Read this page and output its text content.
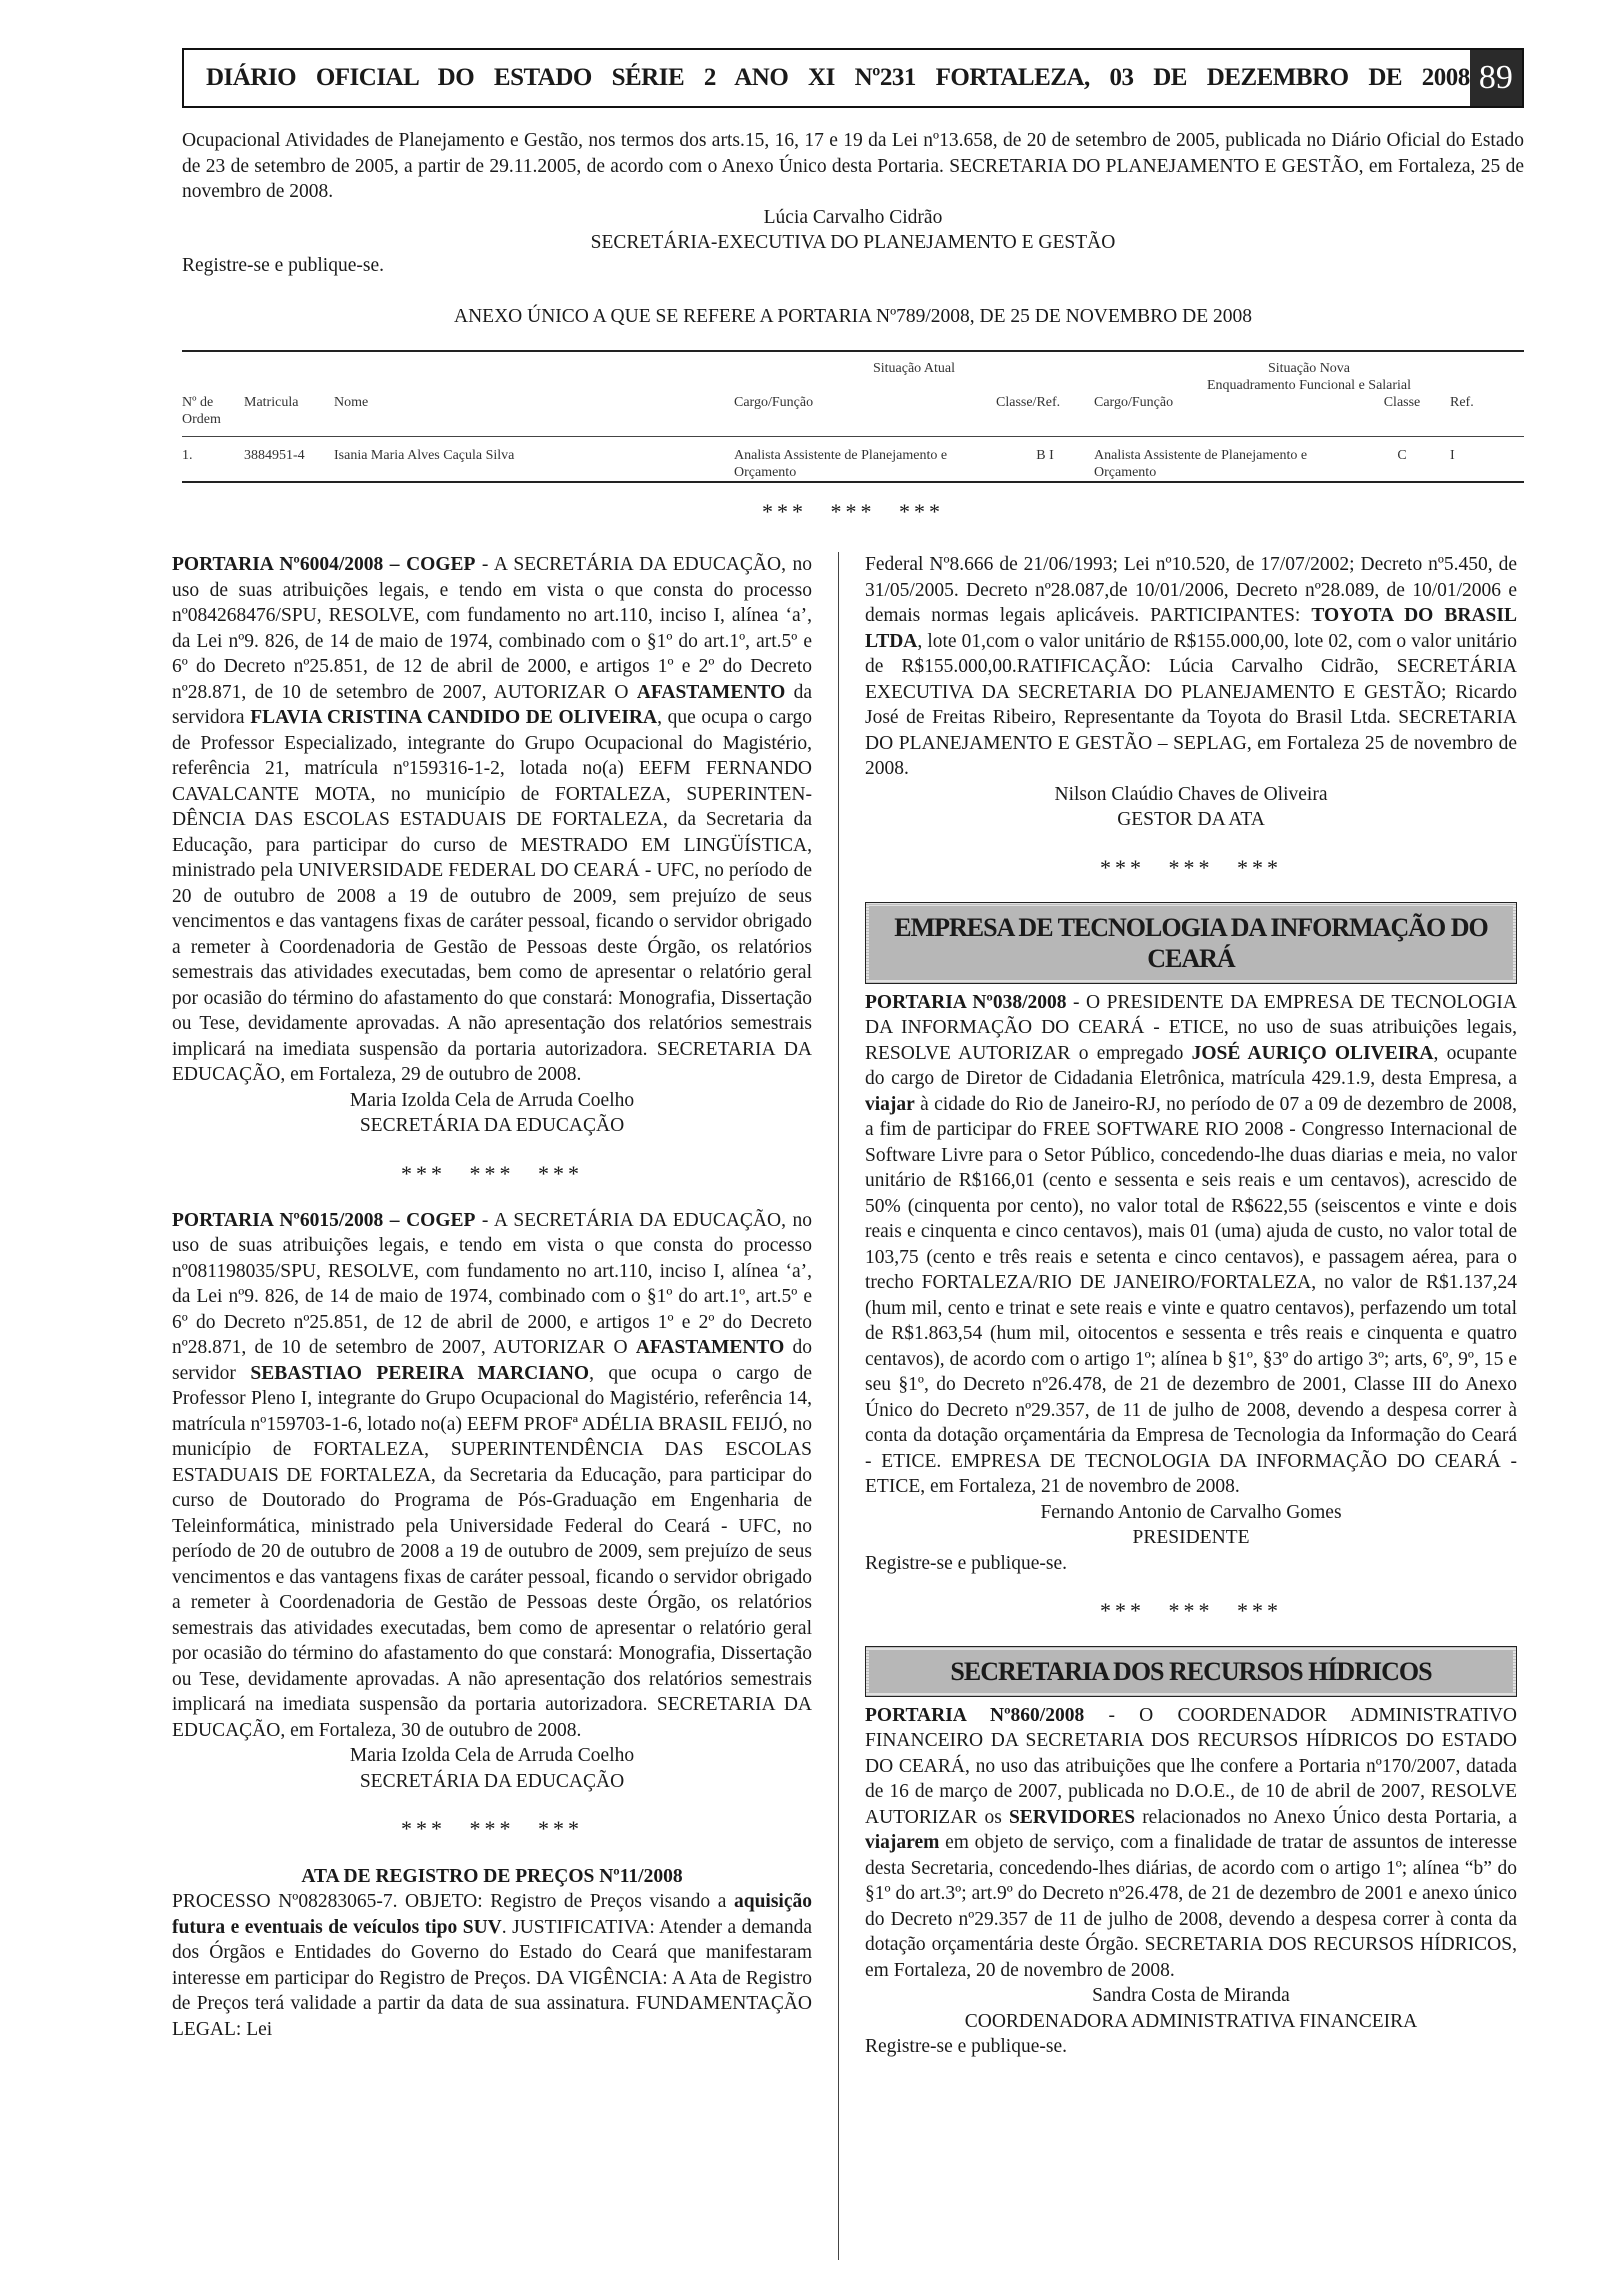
DIÁRIO OFICIAL DO ESTADO SÉRIE 2 ANO XI Nº231 FORTALEZA, 03 DE DEZEMBRO DE 2008 89

Ocupacional Atividades de Planejamento e Gestão, nos termos dos arts.15, 16, 17 e 19 da Lei nº13.658, de 20 de setembro de 2005, publicada no Diário Oficial do Estado de 23 de setembro de 2005, a partir de 29.11.2005, de acordo com o Anexo Único desta Portaria. SECRETARIA DO PLANEJAMENTO E GESTÃO, em Fortaleza, 25 de novembro de 2008.

Lúcia Carvalho Cidrão

SECRETÁRIA-EXECUTIVA DO PLANEJAMENTO E GESTÃO

Registre-se e publique-se.

ANEXO ÚNICO A QUE SE REFERE A PORTARIA Nº789/2008, DE 25 DE NOVEMBRO DE 2008

			Situação Atual		Situação Nova		
					Enquadramento Funcional e Salarial		
Nº de Ordem	Matricula	Nome	Cargo/Função	Classe/Ref.	Cargo/Função	Classe	Ref.

1.	3884951-4	Isania Maria Alves Caçula Silva	Analista Assistente de Planejamento e Orçamento	B I	Analista Assistente de Planejamento e Orçamento	C	I

*** *** ***

PORTARIA Nº6004/2008 – COGEP - A SECRETÁRIA DA EDUCAÇÃO, no uso de suas atribuições legais, e tendo em vista o que consta do processo nº084268476/SPU, RESOLVE, com fundamento no art.110, inciso I, alínea ‘a’, da Lei nº9. 826, de 14 de maio de 1974, combinado com o §1º do art.1º, art.5º e 6º do Decreto nº25.851, de 12 de abril de 2000, e artigos 1º e 2º do Decreto nº28.871, de 10 de setembro de 2007, AUTORIZAR O AFASTAMENTO da servidora FLAVIA CRISTINA CANDIDO DE OLIVEIRA, que ocupa o cargo de Professor Especializado, integrante do Grupo Ocupacional do Magistério, referência 21, matrícula nº159316-1-2, lotada no(a) EEFM FERNANDO CAVALCANTE MOTA, no município de FORTALEZA, SUPERINTEN-DÊNCIA DAS ESCOLAS ESTADUAIS DE FORTALEZA, da Secretaria da Educação, para participar do curso de MESTRADO EM LINGÜÍSTICA, ministrado pela UNIVERSIDADE FEDERAL DO CEARÁ - UFC, no período de 20 de outubro de 2008 a 19 de outubro de 2009, sem prejuízo de seus vencimentos e das vantagens fixas de caráter pessoal, ficando o servidor obrigado a remeter à Coordenadoria de Gestão de Pessoas deste Órgão, os relatórios semestrais das atividades executadas, bem como de apresentar o relatório geral por ocasião do término do afastamento do que constará: Monografia, Dissertação ou Tese, devidamente aprovadas. A não apresentação dos relatórios semestrais implicará na imediata suspensão da portaria autorizadora. SECRETARIA DA EDUCAÇÃO, em Fortaleza, 29 de outubro de 2008.

Maria Izolda Cela de Arruda Coelho

SECRETÁRIA DA EDUCAÇÃO

*** *** ***

PORTARIA Nº6015/2008 – COGEP - A SECRETÁRIA DA EDUCAÇÃO, no uso de suas atribuições legais, e tendo em vista o que consta do processo nº081198035/SPU, RESOLVE, com fundamento no art.110, inciso I, alínea ‘a’, da Lei nº9. 826, de 14 de maio de 1974, combinado com o §1º do art.1º, art.5º e 6º do Decreto nº25.851, de 12 de abril de 2000, e artigos 1º e 2º do Decreto nº28.871, de 10 de setembro de 2007, AUTORIZAR O AFASTAMENTO do servidor SEBASTIAO PEREIRA MARCIANO, que ocupa o cargo de Professor Pleno I, integrante do Grupo Ocupacional do Magistério, referência 14, matrícula nº159703-1-6, lotado no(a) EEFM PROFª ADÉLIA BRASIL FEIJÓ, no município de FORTALEZA, SUPERINTENDÊNCIA DAS ESCOLAS ESTADUAIS DE FORTALEZA, da Secretaria da Educação, para participar do curso de Doutorado do Programa de Pós-Graduação em Engenharia de Teleinformática, ministrado pela Universidade Federal do Ceará - UFC, no período de 20 de outubro de 2008 a 19 de outubro de 2009, sem prejuízo de seus vencimentos e das vantagens fixas de caráter pessoal, ficando o servidor obrigado a remeter à Coordenadoria de Gestão de Pessoas deste Órgão, os relatórios semestrais das atividades executadas, bem como de apresentar o relatório geral por ocasião do término do afastamento do que constará: Monografia, Dissertação ou Tese, devidamente aprovadas. A não apresentação dos relatórios semestrais implicará na imediata suspensão da portaria autorizadora. SECRETARIA DA EDUCAÇÃO, em Fortaleza, 30 de outubro de 2008.

Maria Izolda Cela de Arruda Coelho

SECRETÁRIA DA EDUCAÇÃO

*** *** ***

ATA DE REGISTRO DE PREÇOS Nº11/2008

PROCESSO Nº08283065-7. OBJETO: Registro de Preços visando a aquisição futura e eventuais de veículos tipo SUV. JUSTIFICATIVA: Atender a demanda dos Órgãos e Entidades do Governo do Estado do Ceará que manifestaram interesse em participar do Registro de Preços. DA VIGÊNCIA: A Ata de Registro de Preços terá validade a partir da data de sua assinatura. FUNDAMENTAÇÃO LEGAL: Lei

Federal Nº8.666 de 21/06/1993; Lei nº10.520, de 17/07/2002; Decreto nº5.450, de 31/05/2005. Decreto nº28.087,de 10/01/2006, Decreto nº28.089, de 10/01/2006 e demais normas legais aplicáveis. PARTICIPANTES: TOYOTA DO BRASIL LTDA, lote 01,com o valor unitário de R$155.000,00, lote 02, com o valor unitário de R$155.000,00.RATIFICAÇÃO: Lúcia Carvalho Cidrão, SECRETÁRIA EXECUTIVA DA SECRETARIA DO PLANEJAMENTO E GESTÃO; Ricardo José de Freitas Ribeiro, Representante da Toyota do Brasil Ltda. SECRETARIA DO PLANEJAMENTO E GESTÃO – SEPLAG, em Fortaleza 25 de novembro de 2008.

Nilson Claúdio Chaves de Oliveira

GESTOR DA ATA

*** *** ***

EMPRESA DE TECNOLOGIA DA INFORMAÇÃO DO CEARÁ

PORTARIA Nº038/2008 - O PRESIDENTE DA EMPRESA DE TECNOLOGIA DA INFORMAÇÃO DO CEARÁ - ETICE, no uso de suas atribuições legais, RESOLVE AUTORIZAR o empregado JOSÉ AURIÇO OLIVEIRA, ocupante do cargo de Diretor de Cidadania Eletrônica, matrícula 429.1.9, desta Empresa, a viajar à cidade do Rio de Janeiro-RJ, no período de 07 a 09 de dezembro de 2008, a fim de participar do FREE SOFTWARE RIO 2008 - Congresso Internacional de Software Livre para o Setor Público, concedendo-lhe duas diarias e meia, no valor unitário de R$166,01 (cento e sessenta e seis reais e um centavos), acrescido de 50% (cinquenta por cento), no valor total de R$622,55 (seiscentos e vinte e dois reais e cinquenta e cinco centavos), mais 01 (uma) ajuda de custo, no valor total de 103,75 (cento e três reais e setenta e cinco centavos), e passagem aérea, para o trecho FORTALEZA/RIO DE JANEIRO/FORTALEZA, no valor de R$1.137,24 (hum mil, cento e trinat e sete reais e vinte e quatro centavos), perfazendo um total de R$1.863,54 (hum mil, oitocentos e sessenta e três reais e cinquenta e quatro centavos), de acordo com o artigo 1º; alínea b §1º, §3º do artigo 3º; arts, 6º, 9º, 15 e seu §1º, do Decreto nº26.478, de 21 de dezembro de 2001, Classe III do Anexo Único do Decreto nº29.357, de 11 de julho de 2008, devendo a despesa correr à conta da dotação orçamentária da Empresa de Tecnologia da Informação do Ceará - ETICE. EMPRESA DE TECNOLOGIA DA INFORMAÇÃO DO CEARÁ - ETICE, em Fortaleza, 21 de novembro de 2008.

Fernando Antonio de Carvalho Gomes

PRESIDENTE

Registre-se e publique-se.

*** *** ***

SECRETARIA DOS RECURSOS HÍDRICOS

PORTARIA Nº860/2008 - O COORDENADOR ADMINISTRATIVO FINANCEIRO DA SECRETARIA DOS RECURSOS HÍDRICOS DO ESTADO DO CEARÁ, no uso das atribuições que lhe confere a Portaria nº170/2007, datada de 16 de março de 2007, publicada no D.O.E., de 10 de abril de 2007, RESOLVE AUTORIZAR os SERVIDORES relacionados no Anexo Único desta Portaria, a viajarem em objeto de serviço, com a finalidade de tratar de assuntos de interesse desta Secretaria, concedendo-lhes diárias, de acordo com o artigo 1º; alínea “b” do §1º do art.3º; art.9º do Decreto nº26.478, de 21 de dezembro de 2001 e anexo único do Decreto nº29.357 de 11 de julho de 2008, devendo a despesa correr à conta da dotação orçamentária deste Órgão. SECRETARIA DOS RECURSOS HÍDRICOS, em Fortaleza, 20 de novembro de 2008.

Sandra Costa de Miranda

COORDENADORA ADMINISTRATIVA FINANCEIRA

Registre-se e publique-se.
